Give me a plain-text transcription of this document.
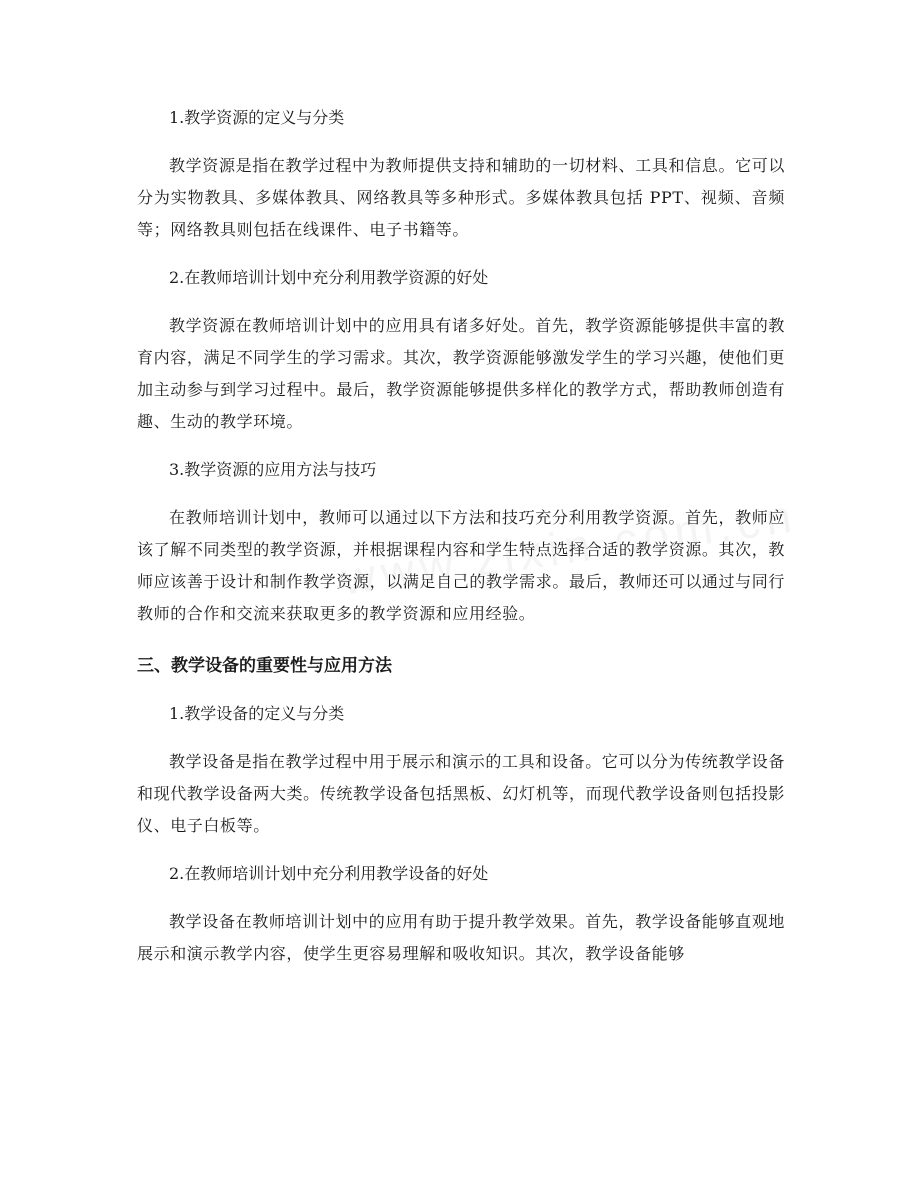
1.教学资源的定义与分类

教学资源是指在教学过程中为教师提供支持和辅助的一切材料、工具和信息。它可以分为实物教具、多媒体教具、网络教具等多种形式。多媒体教具包括 PPT、视频、音频等；网络教具则包括在线课件、电子书籍等。

2.在教师培训计划中充分利用教学资源的好处

教学资源在教师培训计划中的应用具有诸多好处。首先，教学资源能够提供丰富的教育内容，满足不同学生的学习需求。其次，教学资源能够激发学生的学习兴趣，使他们更加主动参与到学习过程中。最后，教学资源能够提供多样化的教学方式，帮助教师创造有趣、生动的教学环境。

3.教学资源的应用方法与技巧

在教师培训计划中，教师可以通过以下方法和技巧充分利用教学资源。首先，教师应该了解不同类型的教学资源，并根据课程内容和学生特点选择合适的教学资源。其次，教师应该善于设计和制作教学资源，以满足自己的教学需求。最后，教师还可以通过与同行教师的合作和交流来获取更多的教学资源和应用经验。

三、教学设备的重要性与应用方法
1.教学设备的定义与分类

教学设备是指在教学过程中用于展示和演示的工具和设备。它可以分为传统教学设备和现代教学设备两大类。传统教学设备包括黑板、幻灯机等，而现代教学设备则包括投影仪、电子白板等。

2.在教师培训计划中充分利用教学设备的好处

教学设备在教师培训计划中的应用有助于提升教学效果。首先，教学设备能够直观地展示和演示教学内容，使学生更容易理解和吸收知识。其次，教学设备能够
